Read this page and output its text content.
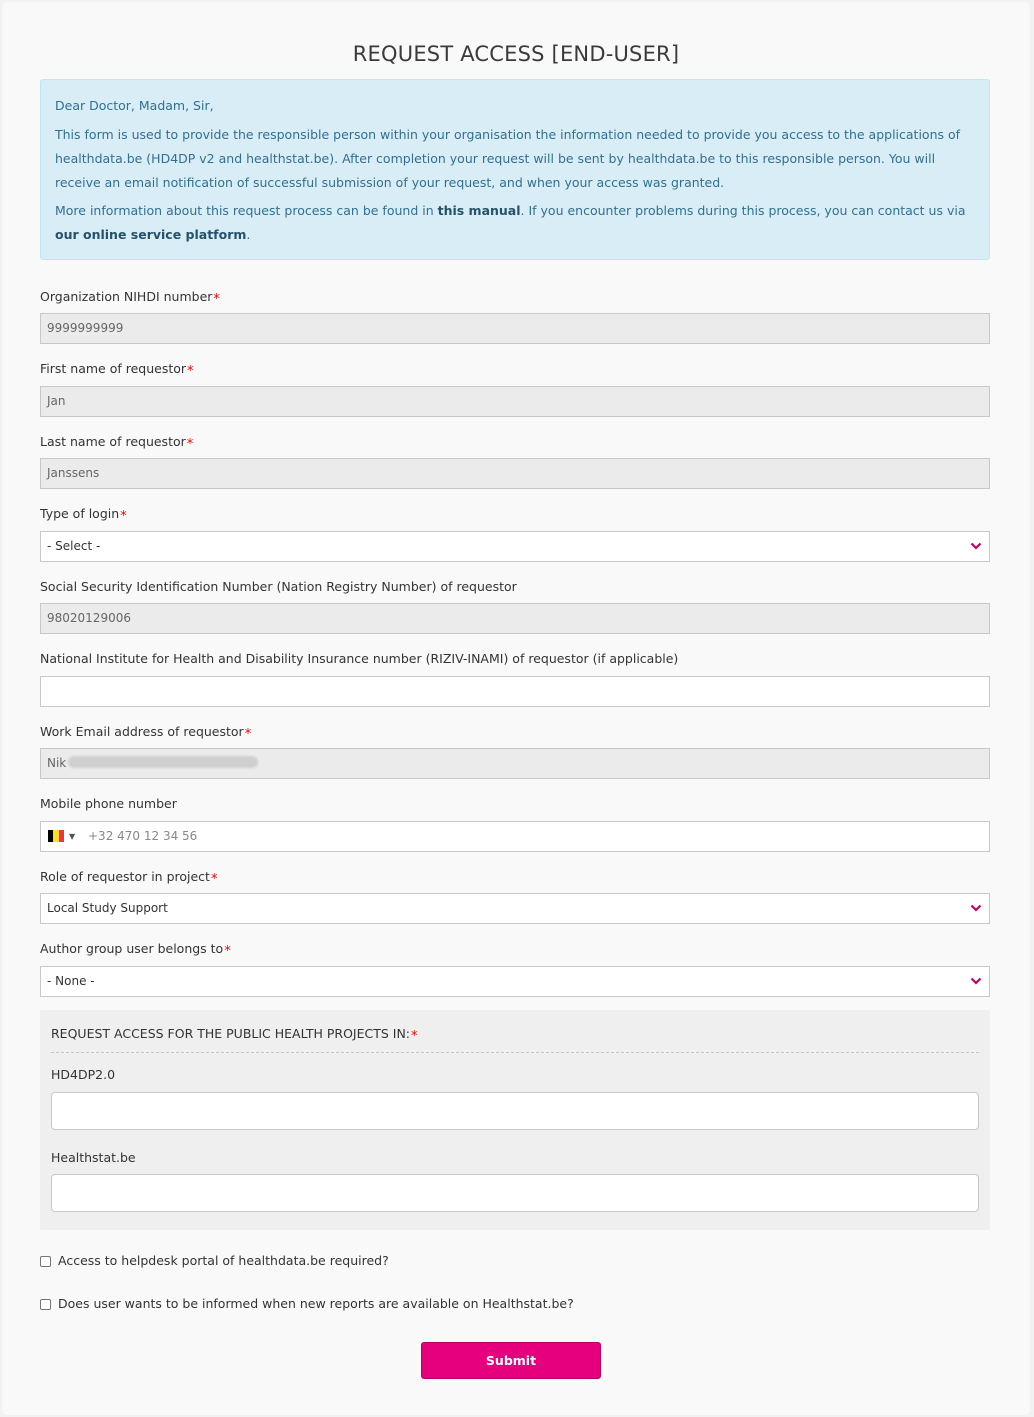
REQUEST ACCESS [END-USER]

Dear Doctor, Madam, Sir,

This form is used to provide the responsible person within your organisation the information needed to provide you access to the applications of healthdata.be (HD4DP v2 and healthstat.be). After completion your request will be sent by healthdata.be to this responsible person. You will receive an email notification of successful submission of your request, and when your access was granted.

More information about this request process can be found in this manual. If you encounter problems during this process, you can contact us via our online service platform.

Organization NIHDI number*
9999999999
First name of requestor*
Jan
Last name of requestor*
Janssens
Type of login*
- Select -
Social Security Identification Number (Nation Registry Number) of requestor
98020129006
National Institute for Health and Disability Insurance number (RIZIV-INAMI) of requestor (if applicable)
Work Email address of requestor*
Nik
Mobile phone number
▼ +32 470 12 34 56
Role of requestor in project*
Local Study Support
Author group user belongs to*
- None -
REQUEST ACCESS FOR THE PUBLIC HEALTH PROJECTS IN:*
HD4DP2.0
Healthstat.be
Access to helpdesk portal of healthdata.be required?
Does user wants to be informed when new reports are available on Healthstat.be?
Submit
